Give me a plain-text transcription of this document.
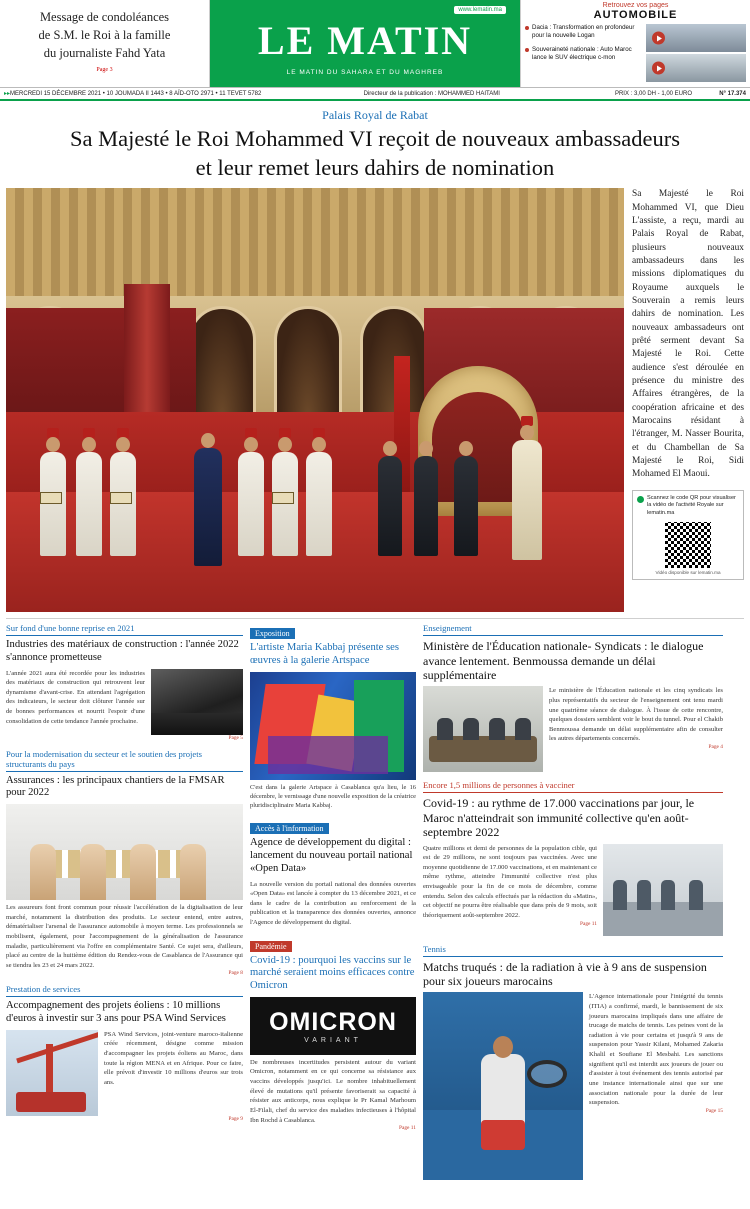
Message de condoléances
de S.M. le Roi à la famille
du journaliste Fahd Yata
Page 3
www.lematin.ma
LE MATIN
LE MATIN DU SAHARA ET DU MAGHREB
Retrouvez vos pages
AUTOMOBILE
Dacia : Transformation en profondeur pour la nouvelle Logan
Souveraineté nationale : Auto Maroc lance le SUV électrique c-mon
▸▸ MERCREDI 15 DÉCEMBRE 2021 • 10 JOUMADA II 1443 • 8 AÏD-OTO 2971 • 11 TEVET 5782	Directeur de la publication : MOHAMMED HAITAMI	PRIX : 3,00 DH - 1,00 EURO	N° 17.374
Palais Royal de Rabat
Sa Majesté le Roi Mohammed VI reçoit de nouveaux ambassadeurs
et leur remet leurs dahirs de nomination
Sa Majesté le Roi Mohammed VI, que Dieu L'assiste, a reçu, mardi au Palais Royal de Rabat, plusieurs nouveaux ambassadeurs dans les missions diplomatiques du Royaume auxquels le Souverain a remis leurs dahirs de nomination. Les nouveaux ambassadeurs ont prêté serment devant Sa Majesté le Roi. Cette audience s'est déroulée en présence du ministre des Affaires étrangères, de la coopération africaine et des Marocains résidant à l'étranger, M. Nasser Bourita, et du Chambellan de Sa Majesté le Roi, Sidi Mohamed El Maoui.
Scannez le code QR pour visualiser la vidéo de l'activité Royale sur lematin.ma
Vidéo disponible sur lematin.ma
Sur fond d'une bonne reprise en 2021
Industries des matériaux de construction : l'année 2022 s'annonce prometteuse
L'année 2021 aura été recordée pour les industries des matériaux de construction qui retrouvent leur dynamisme d'avant-crise. En attendant l'agrégation des indicateurs, le secteur doit clôturer l'année sur de bonnes performances et nourrit l'espoir d'une consolidation de cette tendance l'année prochaine.
Page 5
Pour la modernisation du secteur et le soutien des projets structurants du pays
Assurances : les principaux chantiers de la FMSAR pour 2022
Les assureurs font front commun pour réussir l'accélération de la digitalisation de leur marché, notamment la distribution des produits. Le secteur entend, entre autres, dématérialiser l'arsenal de l'assurance automobile à moyen terme. Les professionnels se mobilisent, également, pour l'accompagnement de la généralisation de l'assurance maladie, particulièrement via l'offre en complémentaire Santé. Ce sujet sera, d'ailleurs, placé au centre de la huitième édition du Rendez-vous de Casablanca de l'Assurance qui se tiendra les 23 et 24 mars 2022.
Page 8
Prestation de services
Accompagnement des projets éoliens : 10 millions d'euros à investir sur 3 ans pour PSA Wind Services
PSA Wind Services, joint-venture maroco-italienne créée récemment, désigne comme mission d'accompagner les projets éoliens au Maroc, dans toute la région MENA et en Afrique. Pour ce faire, elle prévoit d'investir 10 millions d'euros sur trois ans.
Page 9
Exposition
L'artiste Maria Kabbaj présente ses œuvres à la galerie Artspace
C'est dans la galerie Artspace à Casablanca qu'a lieu, le 16 décembre, le vernissage d'une nouvelle exposition de la créatrice pluridisciplinaire Maria Kabbaj.
Accès à l'information
Agence de développement du digital : lancement du nouveau portail national «Open Data»
La nouvelle version du portail national des données ouvertes «Open Data» est lancée à compter du 13 décembre 2021, et ce dans le cadre de la contribution au renforcement de la publication et la transparence des données ouvertes, annonce l'Agence de développement du digital.
Pandémie
Covid-19 : pourquoi les vaccins sur le marché seraient moins efficaces contre Omicron
OMICRON
VARIANT
De nombreuses incertitudes persistent autour du variant Omicron, notamment en ce qui concerne sa résistance aux vaccins développés jusqu'ici. Le nombre inhabituellement élevé de mutations qu'il présente favoriserait sa capacité à résister aux anticorps, nous explique le Pr Kamal Marhoum El-Filali, chef du service des maladies infectieuses à l'hôpital Ibn Rochd à Casablanca.
Page 11
Enseignement
Ministère de l'Éducation nationale- Syndicats : le dialogue avance lentement. Benmoussa demande un délai supplémentaire
Le ministère de l'Éducation nationale et les cinq syndicats les plus représentatifs du secteur de l'enseignement ont tenu mardi une quatrième séance de dialogue. À l'issue de cette rencontre, quelques dossiers semblent voir le bout du tunnel. Pour el Chakib Benmoussa demande un délai supplémentaire afin de consulter les autres départements concernés.
Page 4
Encore 1,5 millions de personnes à vacciner
Covid-19 : au rythme de 17.000 vaccinations par jour, le Maroc n'atteindrait son immunité collective qu'en août-septembre 2022
Quatre millions et demi de personnes de la population cible, qui est de 29 millions, ne sont toujours pas vaccinées. Avec une moyenne quotidienne de 17.000 vaccinations, et en maintenant ce même rythme, atteindre l'immunité collective n'est plus envisageable pour la fin de ce mois de décembre, comme entendu. Selon des calculs effectués par la rédaction du «Matin», cet objectif ne pourra être réalisable que dans près de 9 mois, soit théoriquement août-septembre 2022.
Page 11
Tennis
Matchs truqués : de la radiation à vie à 9 ans de suspension pour six joueurs marocains
L'Agence internationale pour l'intégrité du tennis (ITIA) a confirmé, mardi, le bannissement de six joueurs marocains impliqués dans une affaire de trucage de matchs de tennis. Les peines vont de la radiation à vie pour certains et jusqu'à 9 ans de suspension pour Yassir Kilani, Mohamed Zakaria Khalil et Soufiane El Mesbahi. Les sanctions signifient qu'il est interdit aux joueurs de jouer ou d'assister à tout événement des tennis autorisé par une instance internationale ainsi que sur une association nationale pour la durée de leur suspension.
Page 15
